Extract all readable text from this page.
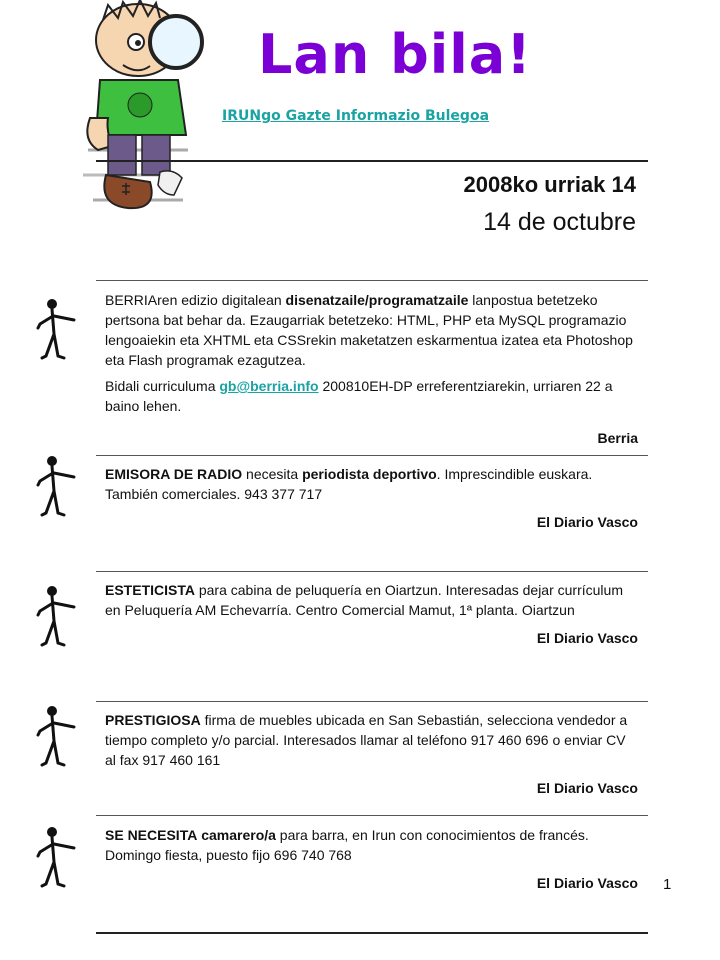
Lan bila!
IRUNgo Gazte Informazio Bulegoa
2008ko urriak 14
14 de octubre

BERRIAren edizio digitalean disenatzaile/programatzaile lanpostua betetzeko pertsona bat behar da. Ezaugarriak betetzeko: HTML, PHP eta MySQL programazio lengoaiekin eta XHTML eta CSSrekin maketatzen eskarmentua izatea eta Photoshop eta Flash programak ezagutzea.

Bidali curriculuma gb@berria.info 200810EH-DP erreferentziarekin, urriaren 22 a baino lehen.

Berria

EMISORA DE RADIO necesita periodista deportivo. Imprescindible euskara. También comerciales. 943 377 717

El Diario Vasco

ESTETICISTA para cabina de peluquería en Oiartzun. Interesadas dejar currículum en Peluquería AM Echevarría. Centro Comercial Mamut, 1ª planta. Oiartzun

El Diario Vasco

PRESTIGIOSA firma de muebles ubicada en San Sebastián, selecciona vendedor a tiempo completo y/o parcial. Interesados llamar al teléfono 917 460 696 o enviar CV al fax 917 460 161

El Diario Vasco

SE NECESITA camarero/a para barra, en Irun con conocimientos de francés. Domingo fiesta, puesto fijo 696 740 768

El Diario Vasco 1
